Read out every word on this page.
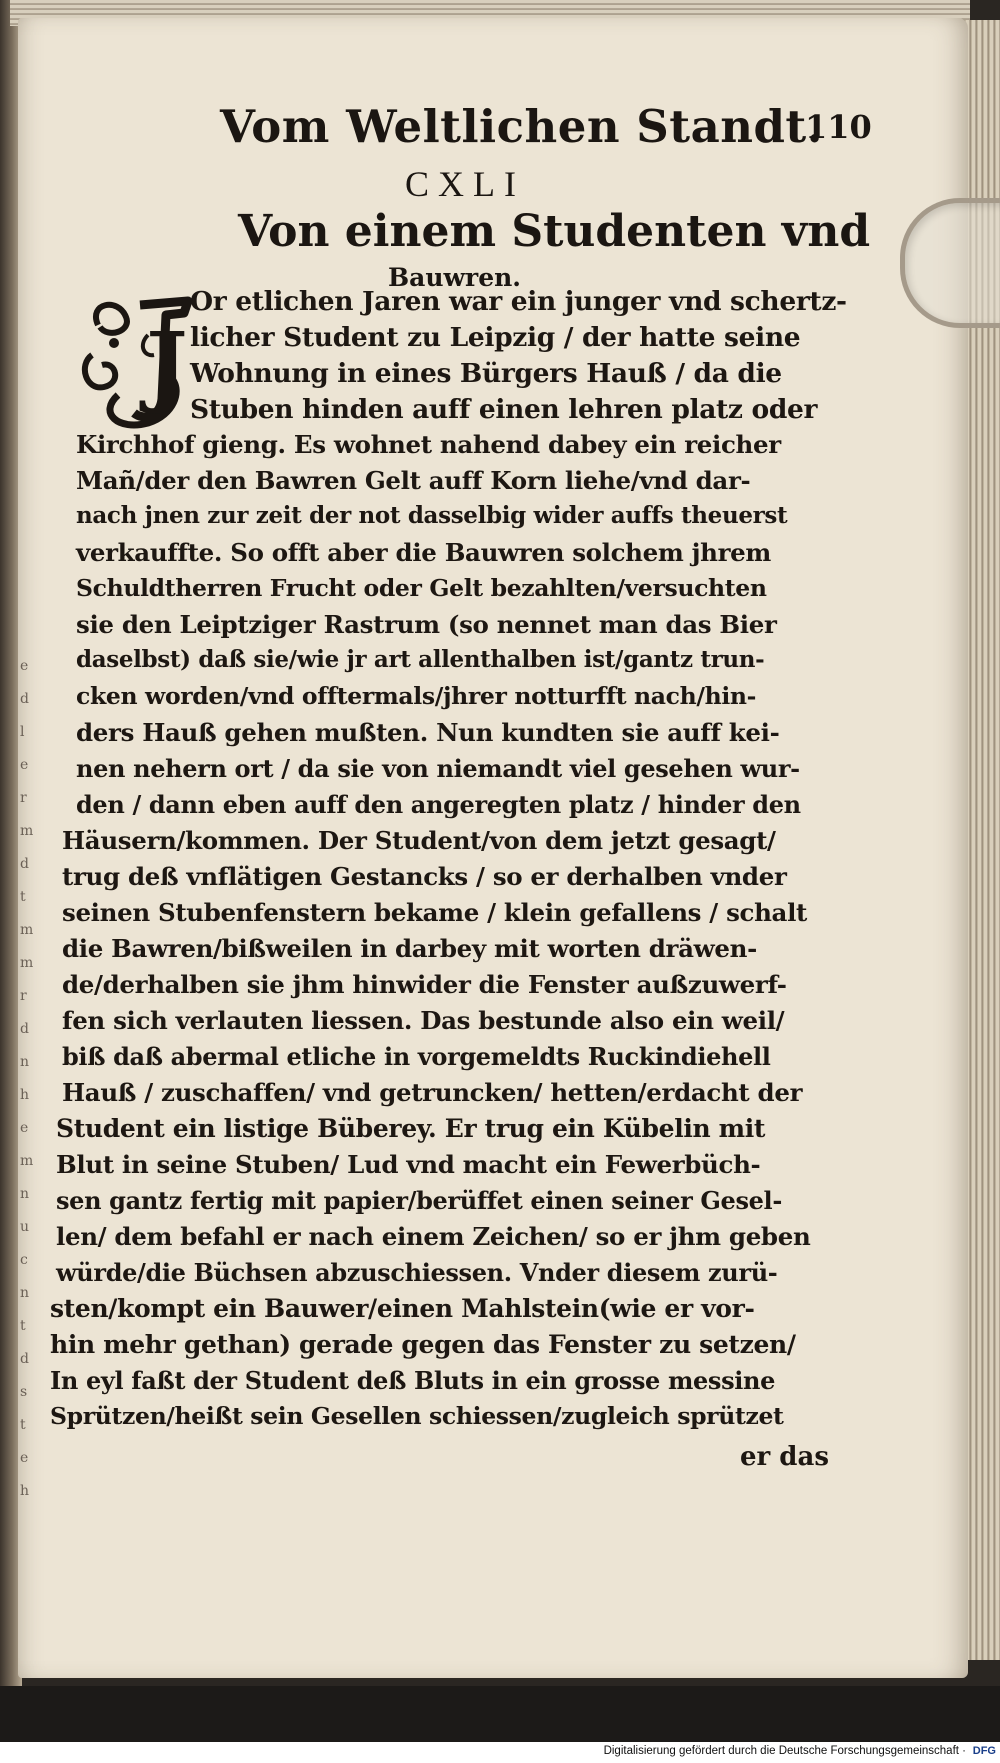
e
d
l
e
r
m
d
t
m
m
r
d
n
h
e
m
n
u
c
n
t
d
s
t
e
h
Vom Weltlichen Standt.
110
CXLI
Von einem Studenten vnd
Bauwren.
J
Or etlichen Jaren war ein junger vnd schertz-
licher Student zu Leipzig / der hatte seine
Wohnung in eines Bürgers Hauß / da die
Stuben hinden auff einen lehren platz oder
Kirchhof gieng. Es wohnet nahend dabey ein reicher
Mañ/der den Bawren Gelt auff Korn liehe/vnd dar-
nach jnen zur zeit der not dasselbig wider auffs theuerst
verkauffte. So offt aber die Bauwren solchem jhrem
Schuldtherren Frucht oder Gelt bezahlten/versuchten
sie den Leiptziger Rastrum (so nennet man das Bier
daselbst) daß sie/wie jr art allenthalben ist/gantz trun-
cken worden/vnd offtermals/jhrer notturfft nach/hin-
ders Hauß gehen mußten. Nun kundten sie auff kei-
nen nehern ort / da sie von niemandt viel gesehen wur-
den / dann eben auff den angeregten platz / hinder den
Häusern/kommen. Der Student/von dem jetzt gesagt/
trug deß vnflätigen Gestancks / so er derhalben vnder
seinen Stubenfenstern bekame / klein gefallens / schalt
die Bawren/bißweilen in darbey mit worten dräwen-
de/derhalben sie jhm hinwider die Fenster außzuwerf-
fen sich verlauten liessen. Das bestunde also ein weil/
biß daß abermal etliche in vorgemeldts Ruckindiehell
Hauß / zuschaffen/ vnd getruncken/ hetten/erdacht der
Student ein listige Büberey. Er trug ein Kübelin mit
Blut in seine Stuben/ Lud vnd macht ein Fewerbüch-
sen gantz fertig mit papier/berüffet einen seiner Gesel-
len/ dem befahl er nach einem Zeichen/ so er jhm geben
würde/die Büchsen abzuschiessen. Vnder diesem zurü-
sten/kompt ein Bauwer/einen Mahlstein(wie er vor-
hin mehr gethan) gerade gegen das Fenster zu setzen/
In eyl faßt der Student deß Bluts in ein grosse messine
Sprützen/heißt sein Gesellen schiessen/zugleich sprützet
er das
Digitalisierung gefördert durch die Deutsche Forschungsgemeinschaft · DFG
